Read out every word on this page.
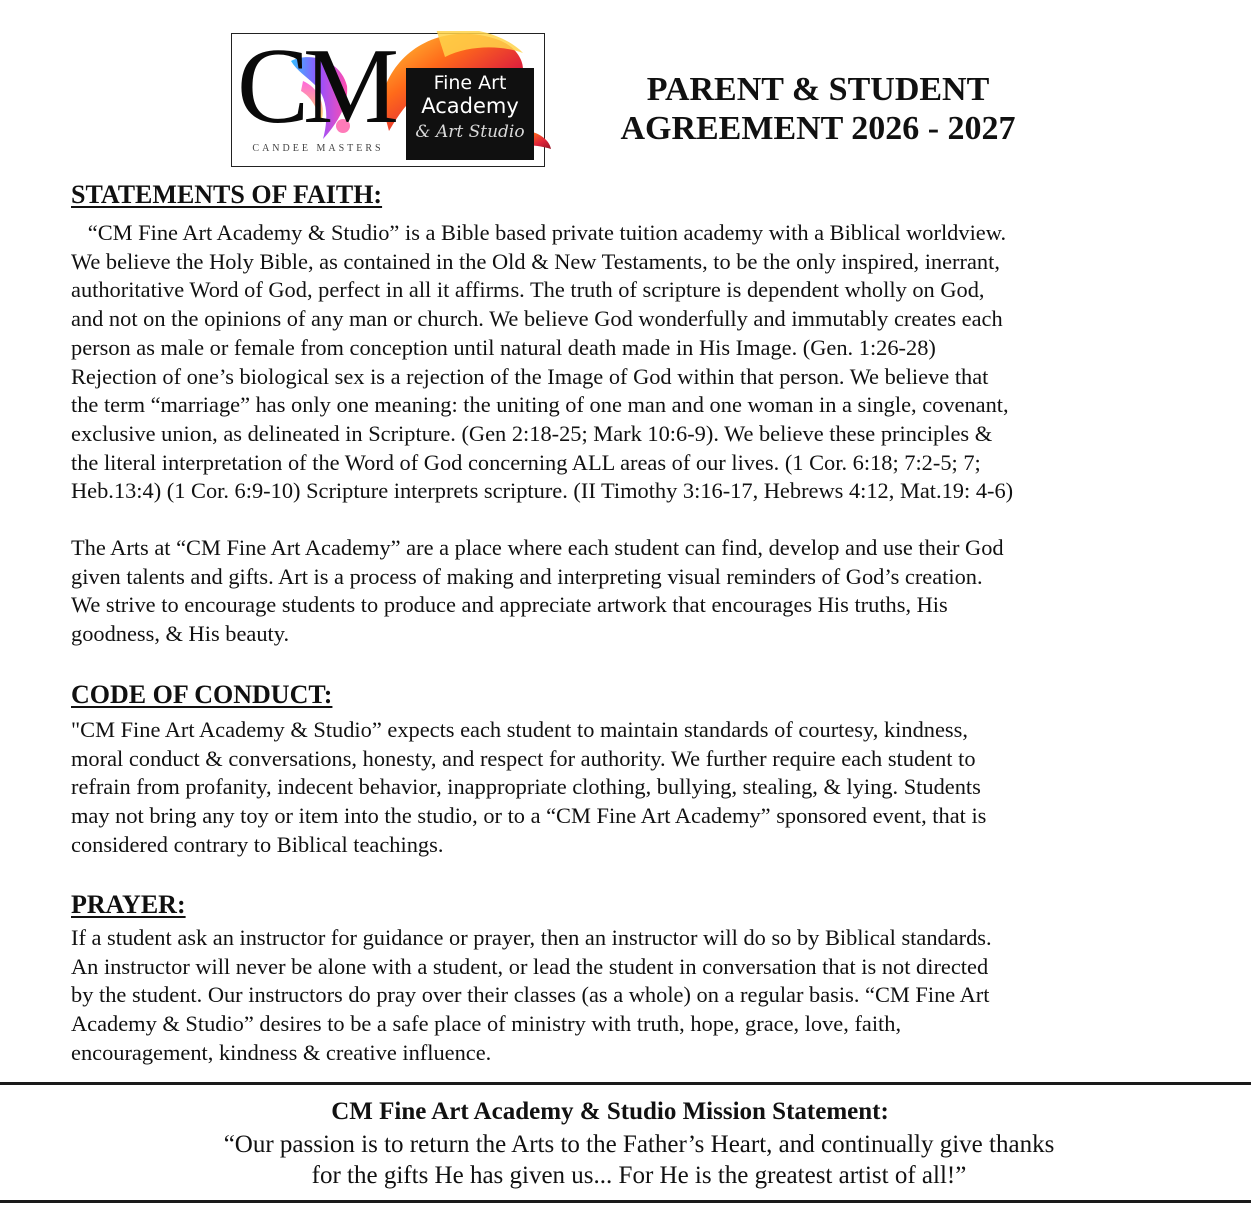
CM
CANDEE MASTERS
Fine Art
Academy
& Art Studio
PARENT & STUDENT
AGREEMENT 2026 - 2027
STATEMENTS OF FAITH:
“CM Fine Art Academy & Studio” is a Bible based private tuition academy with a Biblical worldview.
We believe the Holy Bible, as contained in the Old & New Testaments, to be the only inspired, inerrant,
authoritative Word of God, perfect in all it affirms. The truth of scripture is dependent wholly on God,
and not on the opinions of any man or church. We believe God wonderfully and immutably creates each
person as male or female from conception until natural death made in His Image. (Gen. 1:26-28)
Rejection of one’s biological sex is a rejection of the Image of God within that person. We believe that
the term “marriage” has only one meaning: the uniting of one man and one woman in a single, covenant,
exclusive union, as delineated in Scripture. (Gen 2:18-25; Mark 10:6-9). We believe these principles &
the literal interpretation of the Word of God concerning ALL areas of our lives. (1 Cor. 6:18; 7:2-5; 7;
Heb.13:4) (1 Cor. 6:9-10) Scripture interprets scripture. (II Timothy 3:16-17, Hebrews 4:12, Mat.19: 4-6)
The Arts at “CM Fine Art Academy” are a place where each student can find, develop and use their God
given talents and gifts. Art is a process of making and interpreting visual reminders of God’s creation.
We strive to encourage students to produce and appreciate artwork that encourages His truths, His
goodness, & His beauty.
CODE OF CONDUCT:
"CM Fine Art Academy & Studio” expects each student to maintain standards of courtesy, kindness,
moral conduct & conversations, honesty, and respect for authority. We further require each student to
refrain from profanity, indecent behavior, inappropriate clothing, bullying, stealing, & lying. Students
may not bring any toy or item into the studio, or to a “CM Fine Art Academy” sponsored event, that is
considered contrary to Biblical teachings.
PRAYER:
If a student ask an instructor for guidance or prayer, then an instructor will do so by Biblical standards.
An instructor will never be alone with a student, or lead the student in conversation that is not directed
by the student. Our instructors do pray over their classes (as a whole) on a regular basis. “CM Fine Art
Academy & Studio” desires to be a safe place of ministry with truth, hope, grace, love, faith,
encouragement, kindness & creative influence.
CM Fine Art Academy & Studio Mission Statement:
“Our passion is to return the Arts to the Father’s Heart, and continually give thanks
for the gifts He has given us... For He is the greatest artist of all!”
